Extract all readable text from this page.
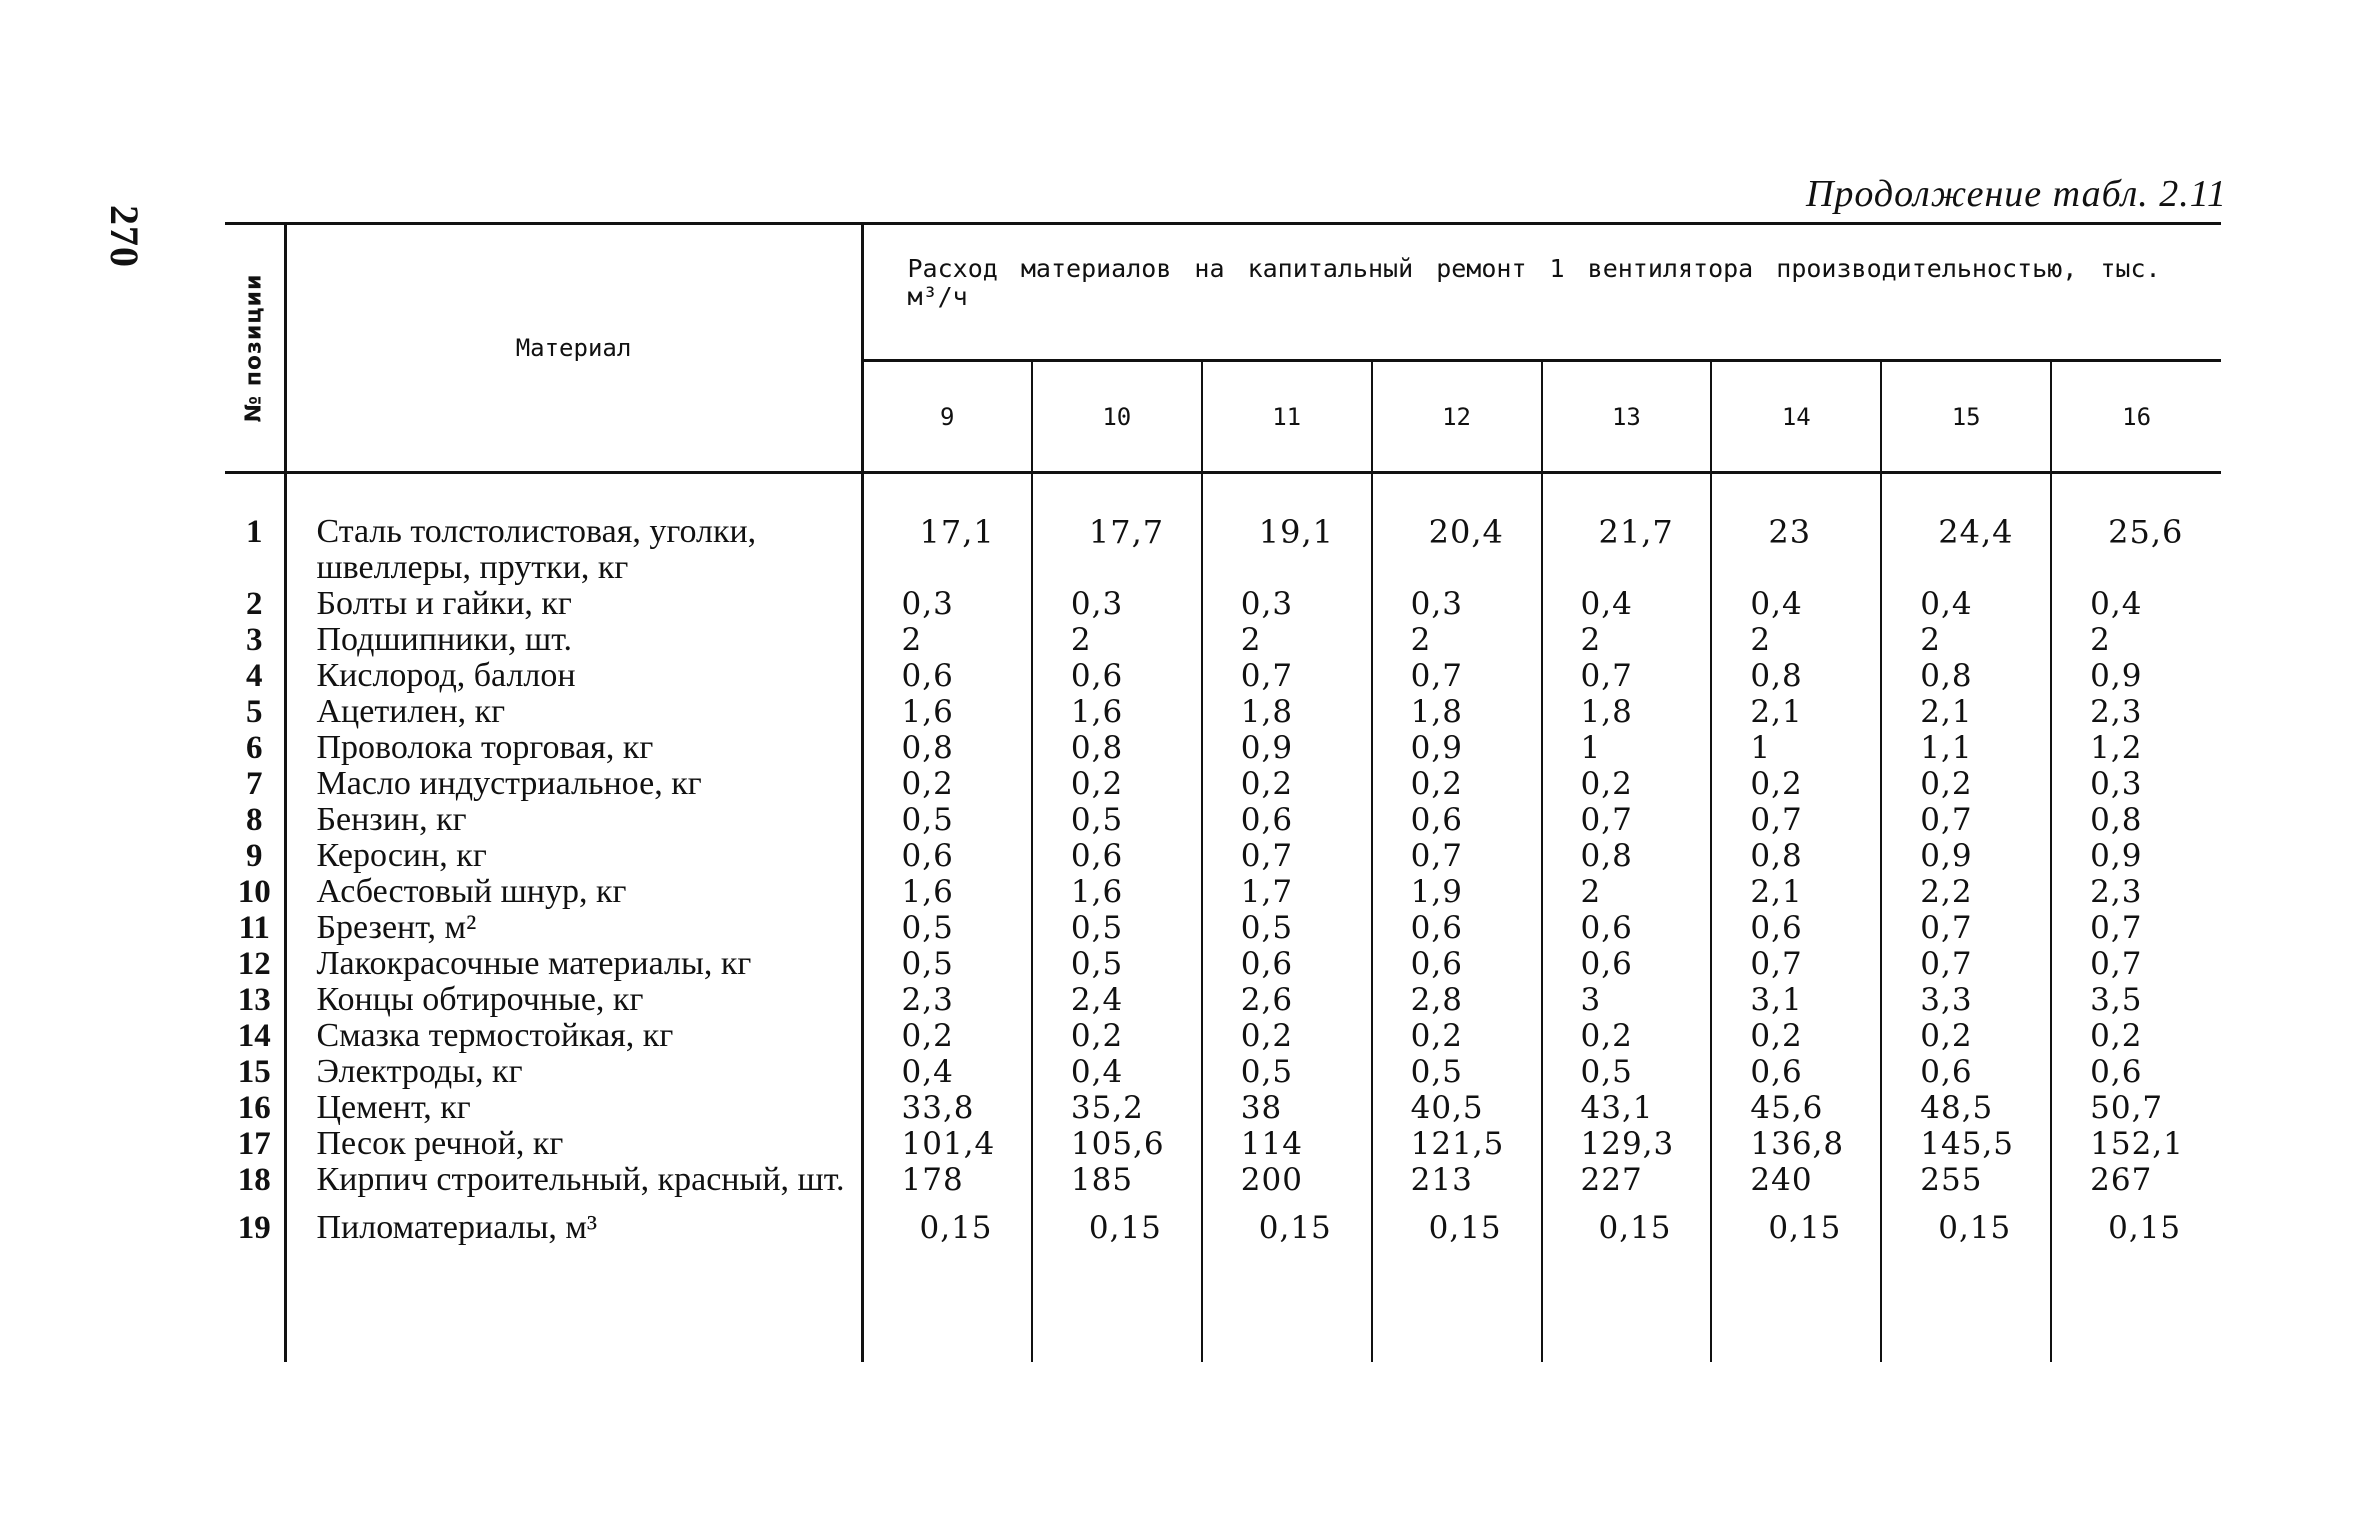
270
Продолжение табл. 2.11
№ позиции	Материал	Расход материалов на капитальный ремонт 1 вентилятора производительностью, тыс. м³/ч							
		9	10	11	12	13	14	15	16
1	Сталь толстолистовая, уголки, швеллеры, прутки, кг	17,1	17,7	19,1	20,4	21,7	23	24,4	25,6
2	Болты и гайки, кг	0,3	0,3	0,3	0,3	0,4	0,4	0,4	0,4
3	Подшипники, шт.	2	2	2	2	2	2	2	2
4	Кислород, баллон	0,6	0,6	0,7	0,7	0,7	0,8	0,8	0,9
5	Ацетилен, кг	1,6	1,6	1,8	1,8	1,8	2,1	2,1	2,3
6	Проволока торговая, кг	0,8	0,8	0,9	0,9	1	1	1,1	1,2
7	Масло индустриальное, кг	0,2	0,2	0,2	0,2	0,2	0,2	0,2	0,3
8	Бензин, кг	0,5	0,5	0,6	0,6	0,7	0,7	0,7	0,8
9	Керосин, кг	0,6	0,6	0,7	0,7	0,8	0,8	0,9	0,9
10	Асбестовый шнур, кг	1,6	1,6	1,7	1,9	2	2,1	2,2	2,3
11	Брезент, м²	0,5	0,5	0,5	0,6	0,6	0,6	0,7	0,7
12	Лакокрасочные материалы, кг	0,5	0,5	0,6	0,6	0,6	0,7	0,7	0,7
13	Концы обтирочные, кг	2,3	2,4	2,6	2,8	3	3,1	3,3	3,5
14	Смазка термостойкая, кг	0,2	0,2	0,2	0,2	0,2	0,2	0,2	0,2
15	Электроды, кг	0,4	0,4	0,5	0,5	0,5	0,6	0,6	0,6
16	Цемент, кг	33,8	35,2	38	40,5	43,1	45,6	48,5	50,7
17	Песок речной, кг	101,4	105,6	114	121,5	129,3	136,8	145,5	152,1
18	Кирпич строительный, красный, шт.	178	185	200	213	227	240	255	267
19	Пиломатериалы, м³	0,15	0,15	0,15	0,15	0,15	0,15	0,15	0,15
